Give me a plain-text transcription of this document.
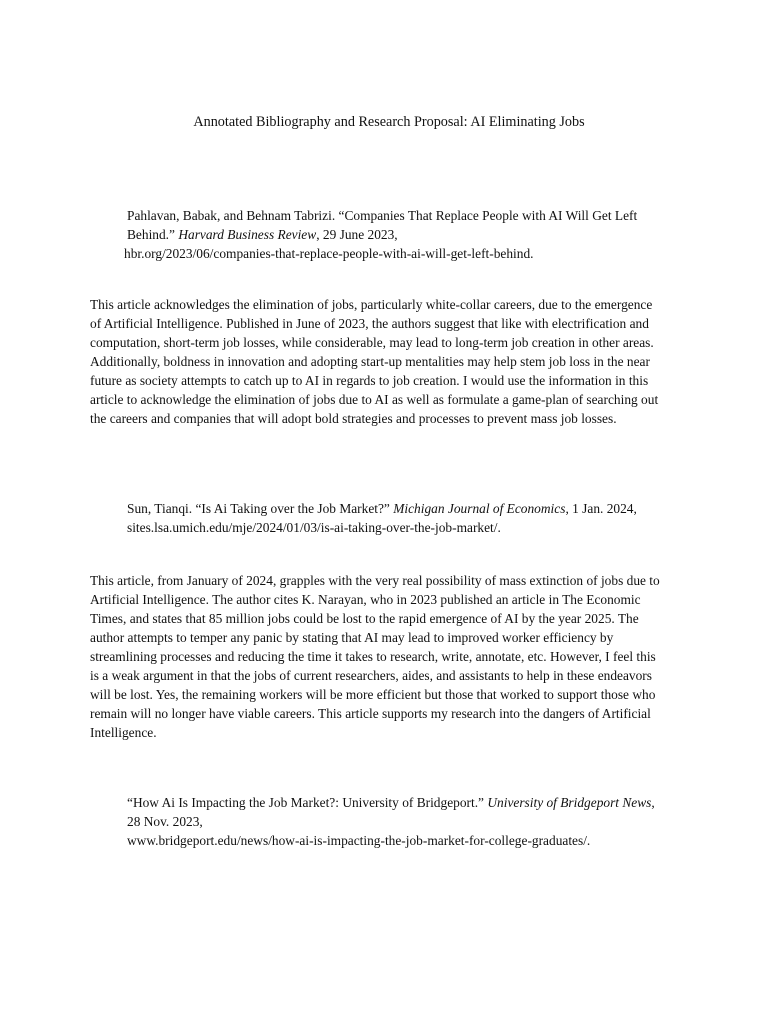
Annotated Bibliography and Research Proposal: AI Eliminating Jobs
Pahlavan, Babak, and Behnam Tabrizi. “Companies That Replace People with AI Will Get Left
Behind.” Harvard Business Review, 29 June 2023,
hbr.org/2023/06/companies-that-replace-people-with-ai-will-get-left-behind.
This article acknowledges the elimination of jobs, particularly white-collar careers, due to the emergence
of Artificial Intelligence. Published in June of 2023, the authors suggest that like with electrification and
computation, short-term job losses, while considerable, may lead to long-term job creation in other areas.
Additionally, boldness in innovation and adopting start-up mentalities may help stem job loss in the near
future as society attempts to catch up to AI in regards to job creation. I would use the information in this
article to acknowledge the elimination of jobs due to AI as well as formulate a game-plan of searching out
the careers and companies that will adopt bold strategies and processes to prevent mass job losses.
Sun, Tianqi. “Is Ai Taking over the Job Market?” Michigan Journal of Economics, 1 Jan. 2024,
sites.lsa.umich.edu/mje/2024/01/03/is-ai-taking-over-the-job-market/.
This article, from January of 2024, grapples with the very real possibility of mass extinction of jobs due to
Artificial Intelligence. The author cites K. Narayan, who in 2023 published an article in The Economic
Times, and states that 85 million jobs could be lost to the rapid emergence of AI by the year 2025. The
author attempts to temper any panic by stating that AI may lead to improved worker efficiency by
streamlining processes and reducing the time it takes to research, write, annotate, etc. However, I feel this
is a weak argument in that the jobs of current researchers, aides, and assistants to help in these endeavors
will be lost. Yes, the remaining workers will be more efficient but those that worked to support those who
remain will no longer have viable careers. This article supports my research into the dangers of Artificial
Intelligence.
“How Ai Is Impacting the Job Market?: University of Bridgeport.” University of Bridgeport News,
28 Nov. 2023,
www.bridgeport.edu/news/how-ai-is-impacting-the-job-market-for-college-graduates/.
